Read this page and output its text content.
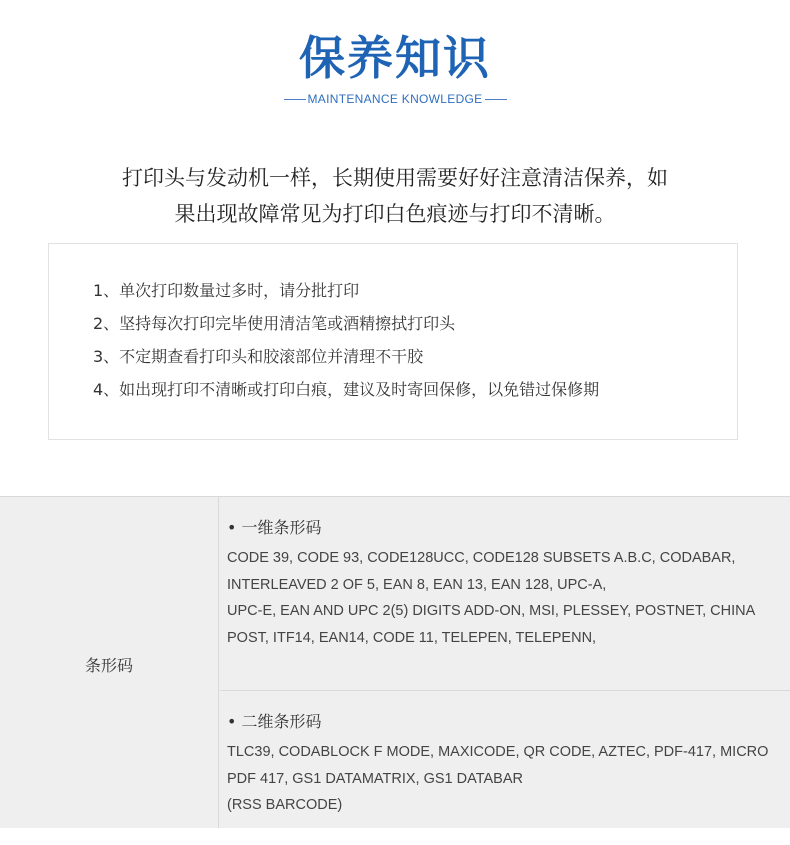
保养知识
MAINTENANCE KNOWLEDGE
打印头与发动机一样，长期使用需要好好注意清洁保养，如
果出现故障常见为打印白色痕迹与打印不清晰。
1、单次打印数量过多时，请分批打印
2、坚持每次打印完毕使用清洁笔或酒精擦拭打印头
3、不定期查看打印头和胶滚部位并清理不干胶
4、如出现打印不清晰或打印白痕，建议及时寄回保修，以免错过保修期
条形码
• 一维条形码
CODE 39, CODE 93, CODE128UCC, CODE128 SUBSETS A.B.C, CODABAR,
INTERLEAVED 2 OF 5, EAN 8, EAN 13, EAN 128, UPC-A,
UPC-E, EAN AND UPC 2(5) DIGITS ADD-ON, MSI, PLESSEY, POSTNET, CHINA
POST, ITF14, EAN14, CODE 11, TELEPEN, TELEPENN,
• 二维条形码
TLC39, CODABLOCK F MODE, MAXICODE, QR CODE, AZTEC, PDF-417, MICRO
PDF 417, GS1 DATAMATRIX, GS1 DATABAR
(RSS BARCODE)
